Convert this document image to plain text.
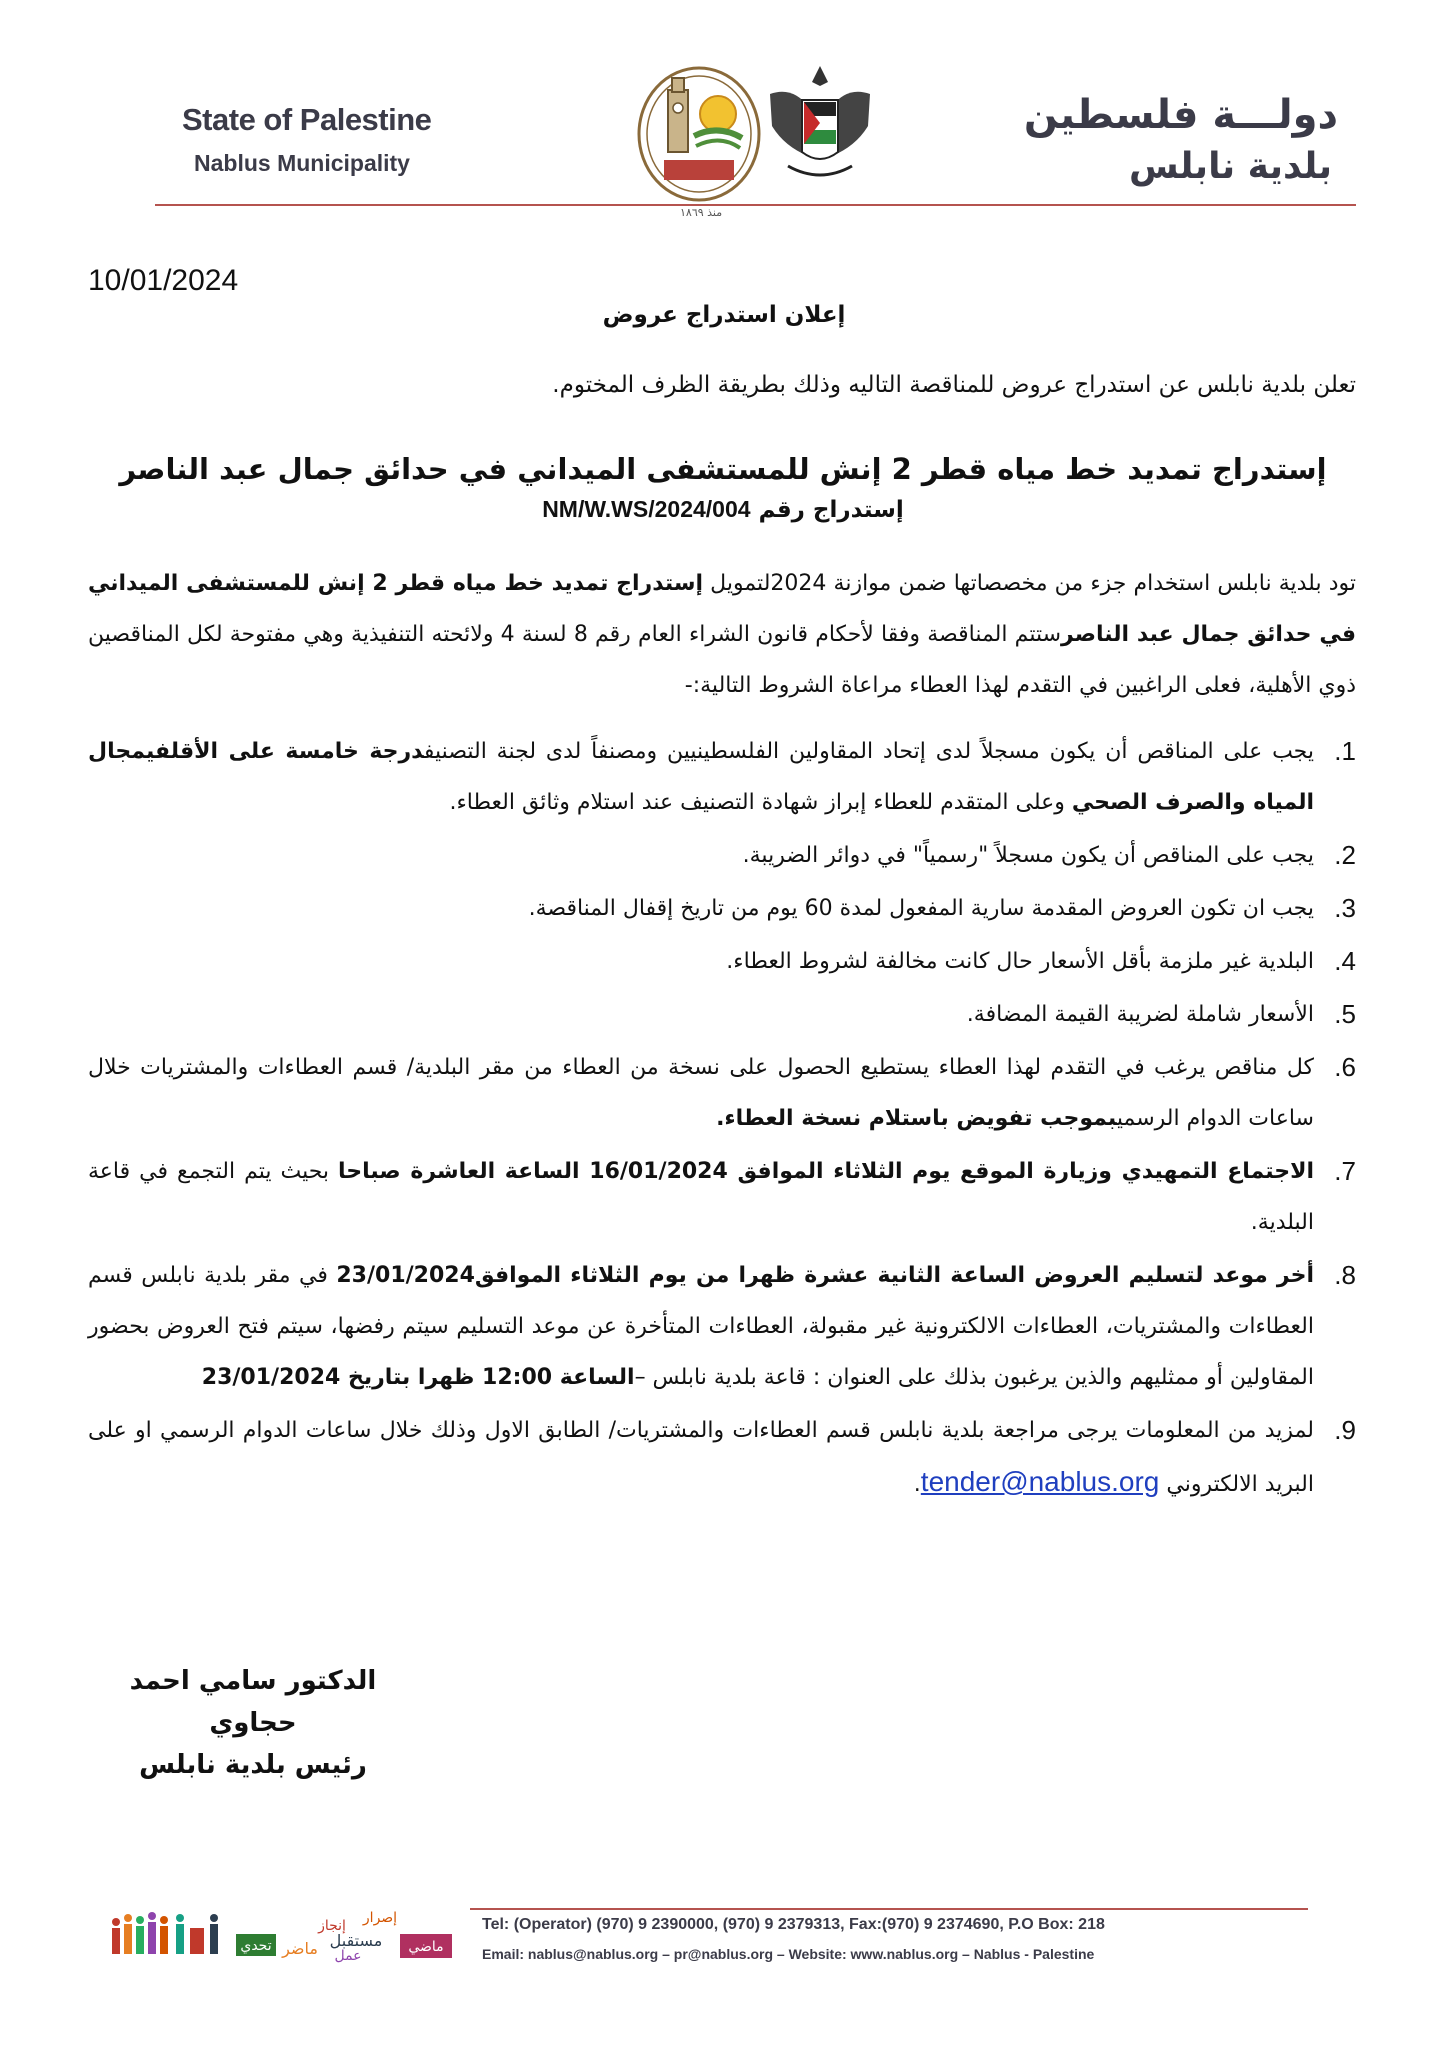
State of Palestine
Nablus Municipality
دولـــة فلسطين
بلدية نابلس
منذ ١٨٦٩
10/01/2024
إعلان استدراج عروض
تعلن بلدية نابلس عن استدراج عروض للمناقصة التاليه وذلك بطريقة الظرف المختوم.
إستدراج تمديد خط مياه قطر 2 إنش للمستشفى الميداني في حدائق جمال عبد الناصر
إستدراج رقم NM/W.WS/2024/004
تود بلدية نابلس استخدام جزء من مخصصاتها ضمن موازنة 2024لتمويل إستدراج تمديد خط مياه قطر 2 إنش للمستشفى الميداني في حدائق جمال عبد الناصرستتم المناقصة وفقا لأحكام قانون الشراء العام رقم 8 لسنة 4 ولائحته التنفيذية وهي مفتوحة لكل المناقصين ذوي الأهلية، فعلى الراغبين في التقدم لهذا العطاء مراعاة الشروط التالية:-
1.
يجب على المناقص أن يكون مسجلاً لدى إتحاد المقاولين الفلسطينيين ومصنفاً لدى لجنة التصنيفدرجة خامسة على الأقلفيمجال المياه والصرف الصحي وعلى المتقدم للعطاء إبراز شهادة التصنيف عند استلام وثائق العطاء.
2.
يجب على المناقص أن يكون مسجلاً "رسمياً" في دوائر الضريبة.
3.
يجب ان تكون العروض المقدمة سارية المفعول لمدة 60 يوم من تاريخ إقفال المناقصة.
4.
البلدية غير ملزمة بأقل الأسعار حال كانت مخالفة لشروط العطاء.
5.
الأسعار شاملة لضريبة القيمة المضافة.
6.
كل مناقص يرغب في التقدم لهذا العطاء يستطيع الحصول على نسخة من العطاء من مقر البلدية/ قسم العطاءات والمشتريات خلال ساعات الدوام الرسميبموجب تفويض باستلام نسخة العطاء.
7.
الاجتماع التمهيدي وزيارة الموقع يوم الثلاثاء الموافق 16/01/2024 الساعة العاشرة صباحا بحيث يتم التجمع في قاعة البلدية.
8.
أخر موعد لتسليم العروض الساعة الثانية عشرة ظهرا من يوم الثلاثاء الموافق23/01/2024 في مقر بلدية نابلس قسم العطاءات والمشتريات، العطاءات الالكترونية غير مقبولة، العطاءات المتأخرة عن موعد التسليم سيتم رفضها، سيتم فتح العروض بحضور المقاولين أو ممثليهم والذين يرغبون بذلك على العنوان : قاعة بلدية نابلس –الساعة 12:00 ظهرا بتاريخ 23/01/2024
9.
لمزيد من المعلومات يرجى مراجعة بلدية نابلس قسم العطاءات والمشتريات/ الطابق الاول وذلك خلال ساعات الدوام الرسمي او على البريد الالكتروني tender@nablus.org.
الدكتور سامي احمد حجاوي
رئيس بلدية نابلس
تحدي ماضر
إنجاز
عمل
مستقبل
إصرار
ماضي
Tel: (Operator) (970) 9 2390000, (970) 9 2379313, Fax:(970) 9 2374690, P.O Box: 218
Email: nablus@nablus.org – pr@nablus.org – Website: www.nablus.org – Nablus - Palestine
